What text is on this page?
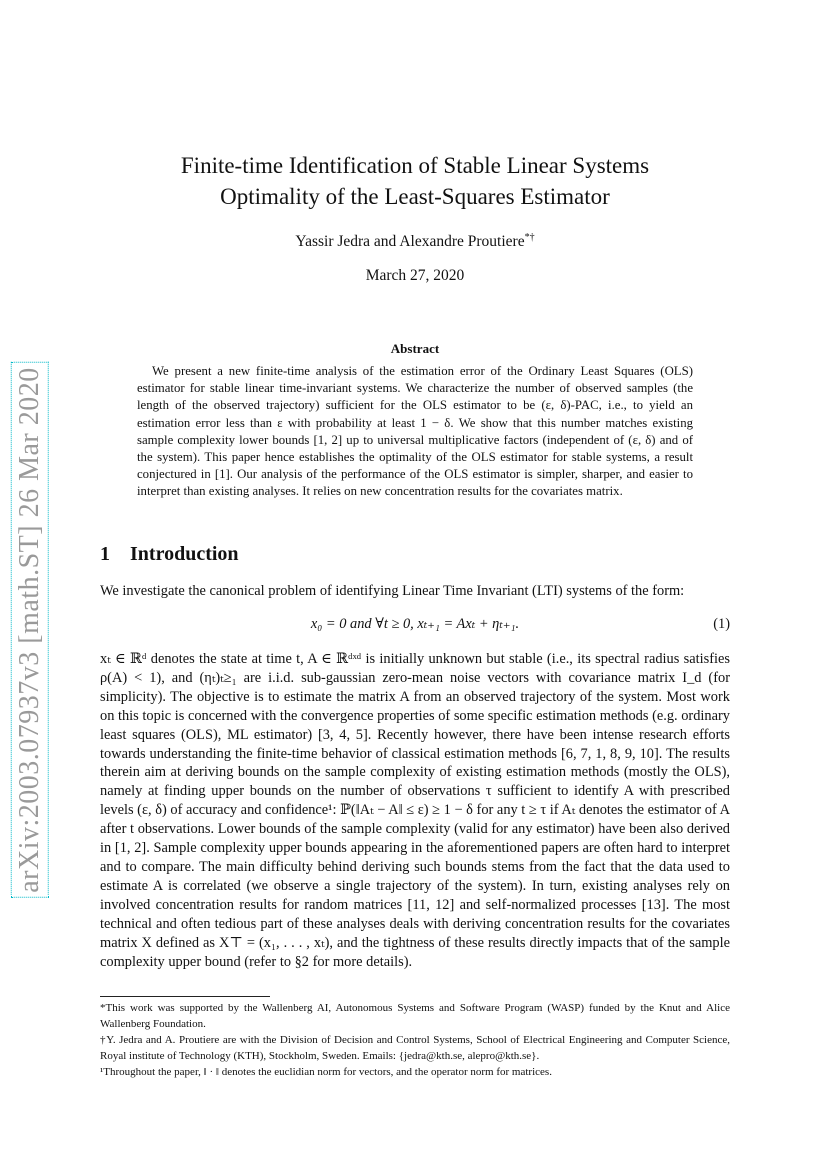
arXiv:2003.07937v3 [math.ST] 26 Mar 2020
Finite-time Identification of Stable Linear Systems
Optimality of the Least-Squares Estimator
Yassir Jedra and Alexandre Proutiere*†
March 27, 2020
Abstract
We present a new finite-time analysis of the estimation error of the Ordinary Least Squares (OLS) estimator for stable linear time-invariant systems. We characterize the number of observed samples (the length of the observed trajectory) sufficient for the OLS estimator to be (ε, δ)-PAC, i.e., to yield an estimation error less than ε with probability at least 1 − δ. We show that this number matches existing sample complexity lower bounds [1, 2] up to universal multiplicative factors (independent of (ε, δ) and of the system). This paper hence establishes the optimality of the OLS estimator for stable systems, a result conjectured in [1]. Our analysis of the performance of the OLS estimator is simpler, sharper, and easier to interpret than existing analyses. It relies on new concentration results for the covariates matrix.
1 Introduction
We investigate the canonical problem of identifying Linear Time Invariant (LTI) systems of the form:
x₀ = 0 and ∀t ≥ 0, xₜ₊₁ = Axₜ + ηₜ₊₁.	(1)
xₜ ∈ ℝᵈ denotes the state at time t, A ∈ ℝᵈˣᵈ is initially unknown but stable (i.e., its spectral radius satisfies ρ(A) < 1), and (ηₜ)ₜ≥₁ are i.i.d. sub-gaussian zero-mean noise vectors with covariance matrix I_d (for simplicity). The objective is to estimate the matrix A from an observed trajectory of the system. Most work on this topic is concerned with the convergence properties of some specific estimation methods (e.g. ordinary least squares (OLS), ML estimator) [3, 4, 5]. Recently however, there have been intense research efforts towards understanding the finite-time behavior of classical estimation methods [6, 7, 1, 8, 9, 10]. The results therein aim at deriving bounds on the sample complexity of existing estimation methods (mostly the OLS), namely at finding upper bounds on the number of observations τ sufficient to identify A with prescribed levels (ε, δ) of accuracy and confidence¹: ℙ(‖Aₜ − A‖ ≤ ε) ≥ 1 − δ for any t ≥ τ if Aₜ denotes the estimator of A after t observations. Lower bounds of the sample complexity (valid for any estimator) have been also derived in [1, 2]. Sample complexity upper bounds appearing in the aforementioned papers are often hard to interpret and to compare. The main difficulty behind deriving such bounds stems from the fact that the data used to estimate A is correlated (we observe a single trajectory of the system). In turn, existing analyses rely on involved concentration results for random matrices [11, 12] and self-normalized processes [13]. The most technical and often tedious part of these analyses deals with deriving concentration results for the covariates matrix X defined as X⊤ = (x₁, . . . , xₜ), and the tightness of these results directly impacts that of the sample complexity upper bound (refer to §2 for more details).
*This work was supported by the Wallenberg AI, Autonomous Systems and Software Program (WASP) funded by the Knut and Alice Wallenberg Foundation.
†Y. Jedra and A. Proutiere are with the Division of Decision and Control Systems, School of Electrical Engineering and Computer Science, Royal institute of Technology (KTH), Stockholm, Sweden. Emails: {jedra@kth.se, alepro@kth.se}.
¹Throughout the paper, ‖ · ‖ denotes the euclidian norm for vectors, and the operator norm for matrices.
